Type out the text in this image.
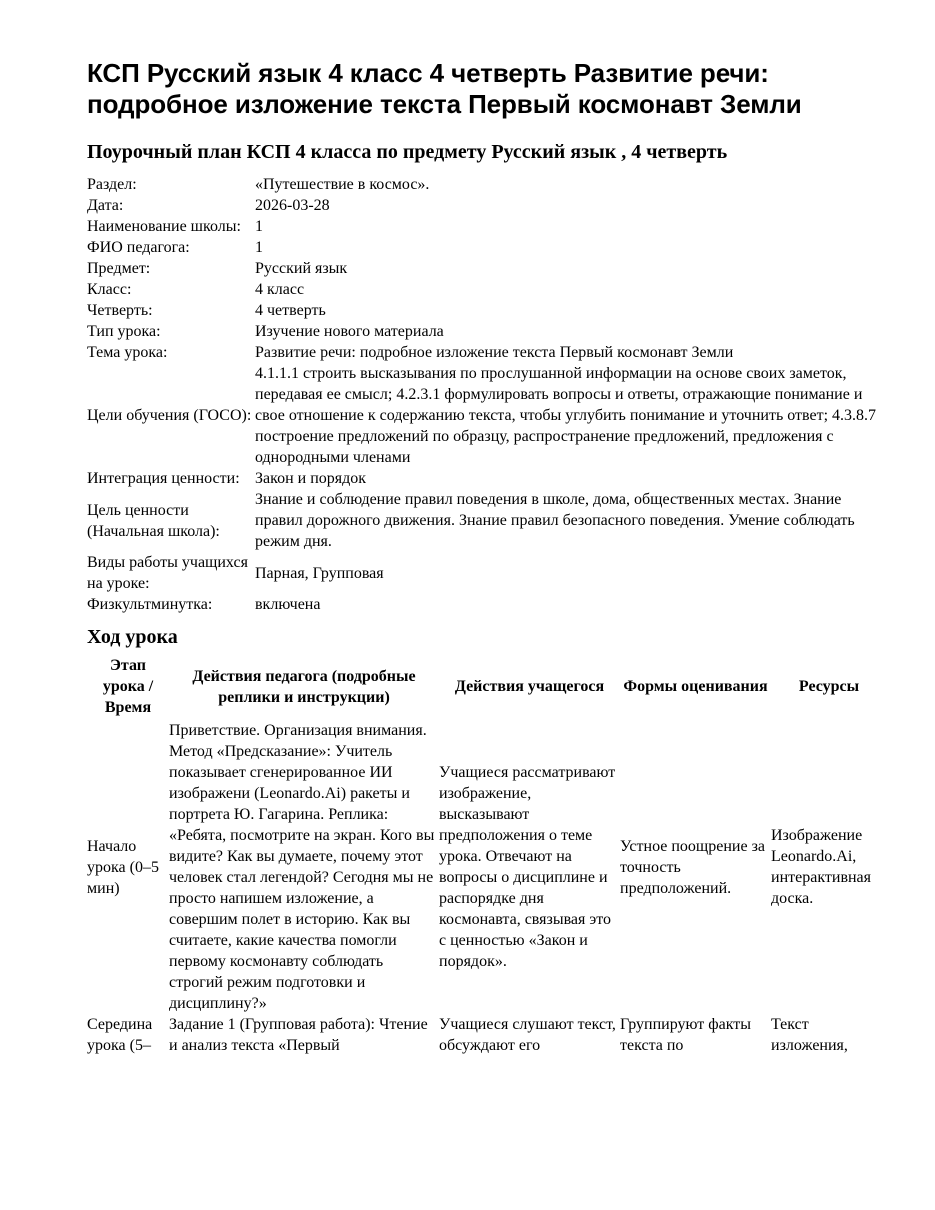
КСП Русский язык 4 класс 4 четверть Развитие речи: подробное изложение текста Первый космонавт Земли
Поурочный план КСП 4 класса по предмету Русский язык , 4 четверть
Раздел:	«Путешествие в космос».
Дата:	2026-03-28
Наименование школы:	1
ФИО педагога:	1
Предмет:	Русский язык
Класс:	4 класс
Четверть:	4 четверть
Тип урока:	Изучение нового материала
Тема урока:	Развитие речи: подробное изложение текста Первый космонавт Земли
Цели обучения (ГОСО):	4.1.1.1 строить высказывания по прослушанной информации на основе своих заметок, передавая ее смысл; 4.2.3.1 формулировать вопросы и ответы, отражающие понимание и свое отношение к содержанию текста, чтобы углубить понимание и уточнить ответ; 4.3.8.7 построение предложений по образцу, распространение предложений, предложения с однородными членами
Интеграция ценности:	Закон и порядок
Цель ценности (Начальная школа):	Знание и соблюдение правил поведения в школе, дома, общественных местах. Знание правил дорожного движения. Знание правил безопасного поведения. Умение соблюдать режим дня.
Виды работы учащихся на уроке:	Парная, Групповая
Физкультминутка:	включена
Ход урока
Этап урока / Время	Действия педагога (подробные реплики и инструкции)	Действия учащегося	Формы оценивания	Ресурсы
Начало урока (0–5 мин)	Приветствие. Организация внимания. Метод «Предсказание»: Учитель показывает сгенерированное ИИ изображени (Leonardo.Ai) ракеты и портрета Ю. Гагарина. Реплика: «Ребята, посмотрите на экран. Кого вы видите? Как вы думаете, почему этот человек стал легендой? Сегодня мы не просто напишем изложение, а совершим полет в историю. Как вы считаете, какие качества помогли первому космонавту соблюдать строгий режим подготовки и дисциплину?»	Учащиеся рассматривают изображение, высказывают предположения о теме урока. Отвечают на вопросы о дисциплине и распорядке дня космонавта, связывая это с ценностью «Закон и порядок».	Устное поощрение за точность предположений.	Изображение Leonardo.Ai, интерактивная доска.
Середина урока (5–	Задание 1 (Групповая работа): Чтение и анализ текста «Первый	Учащиеся слушают текст, обсуждают его	Группируют факты текста по	Текст изложения,
